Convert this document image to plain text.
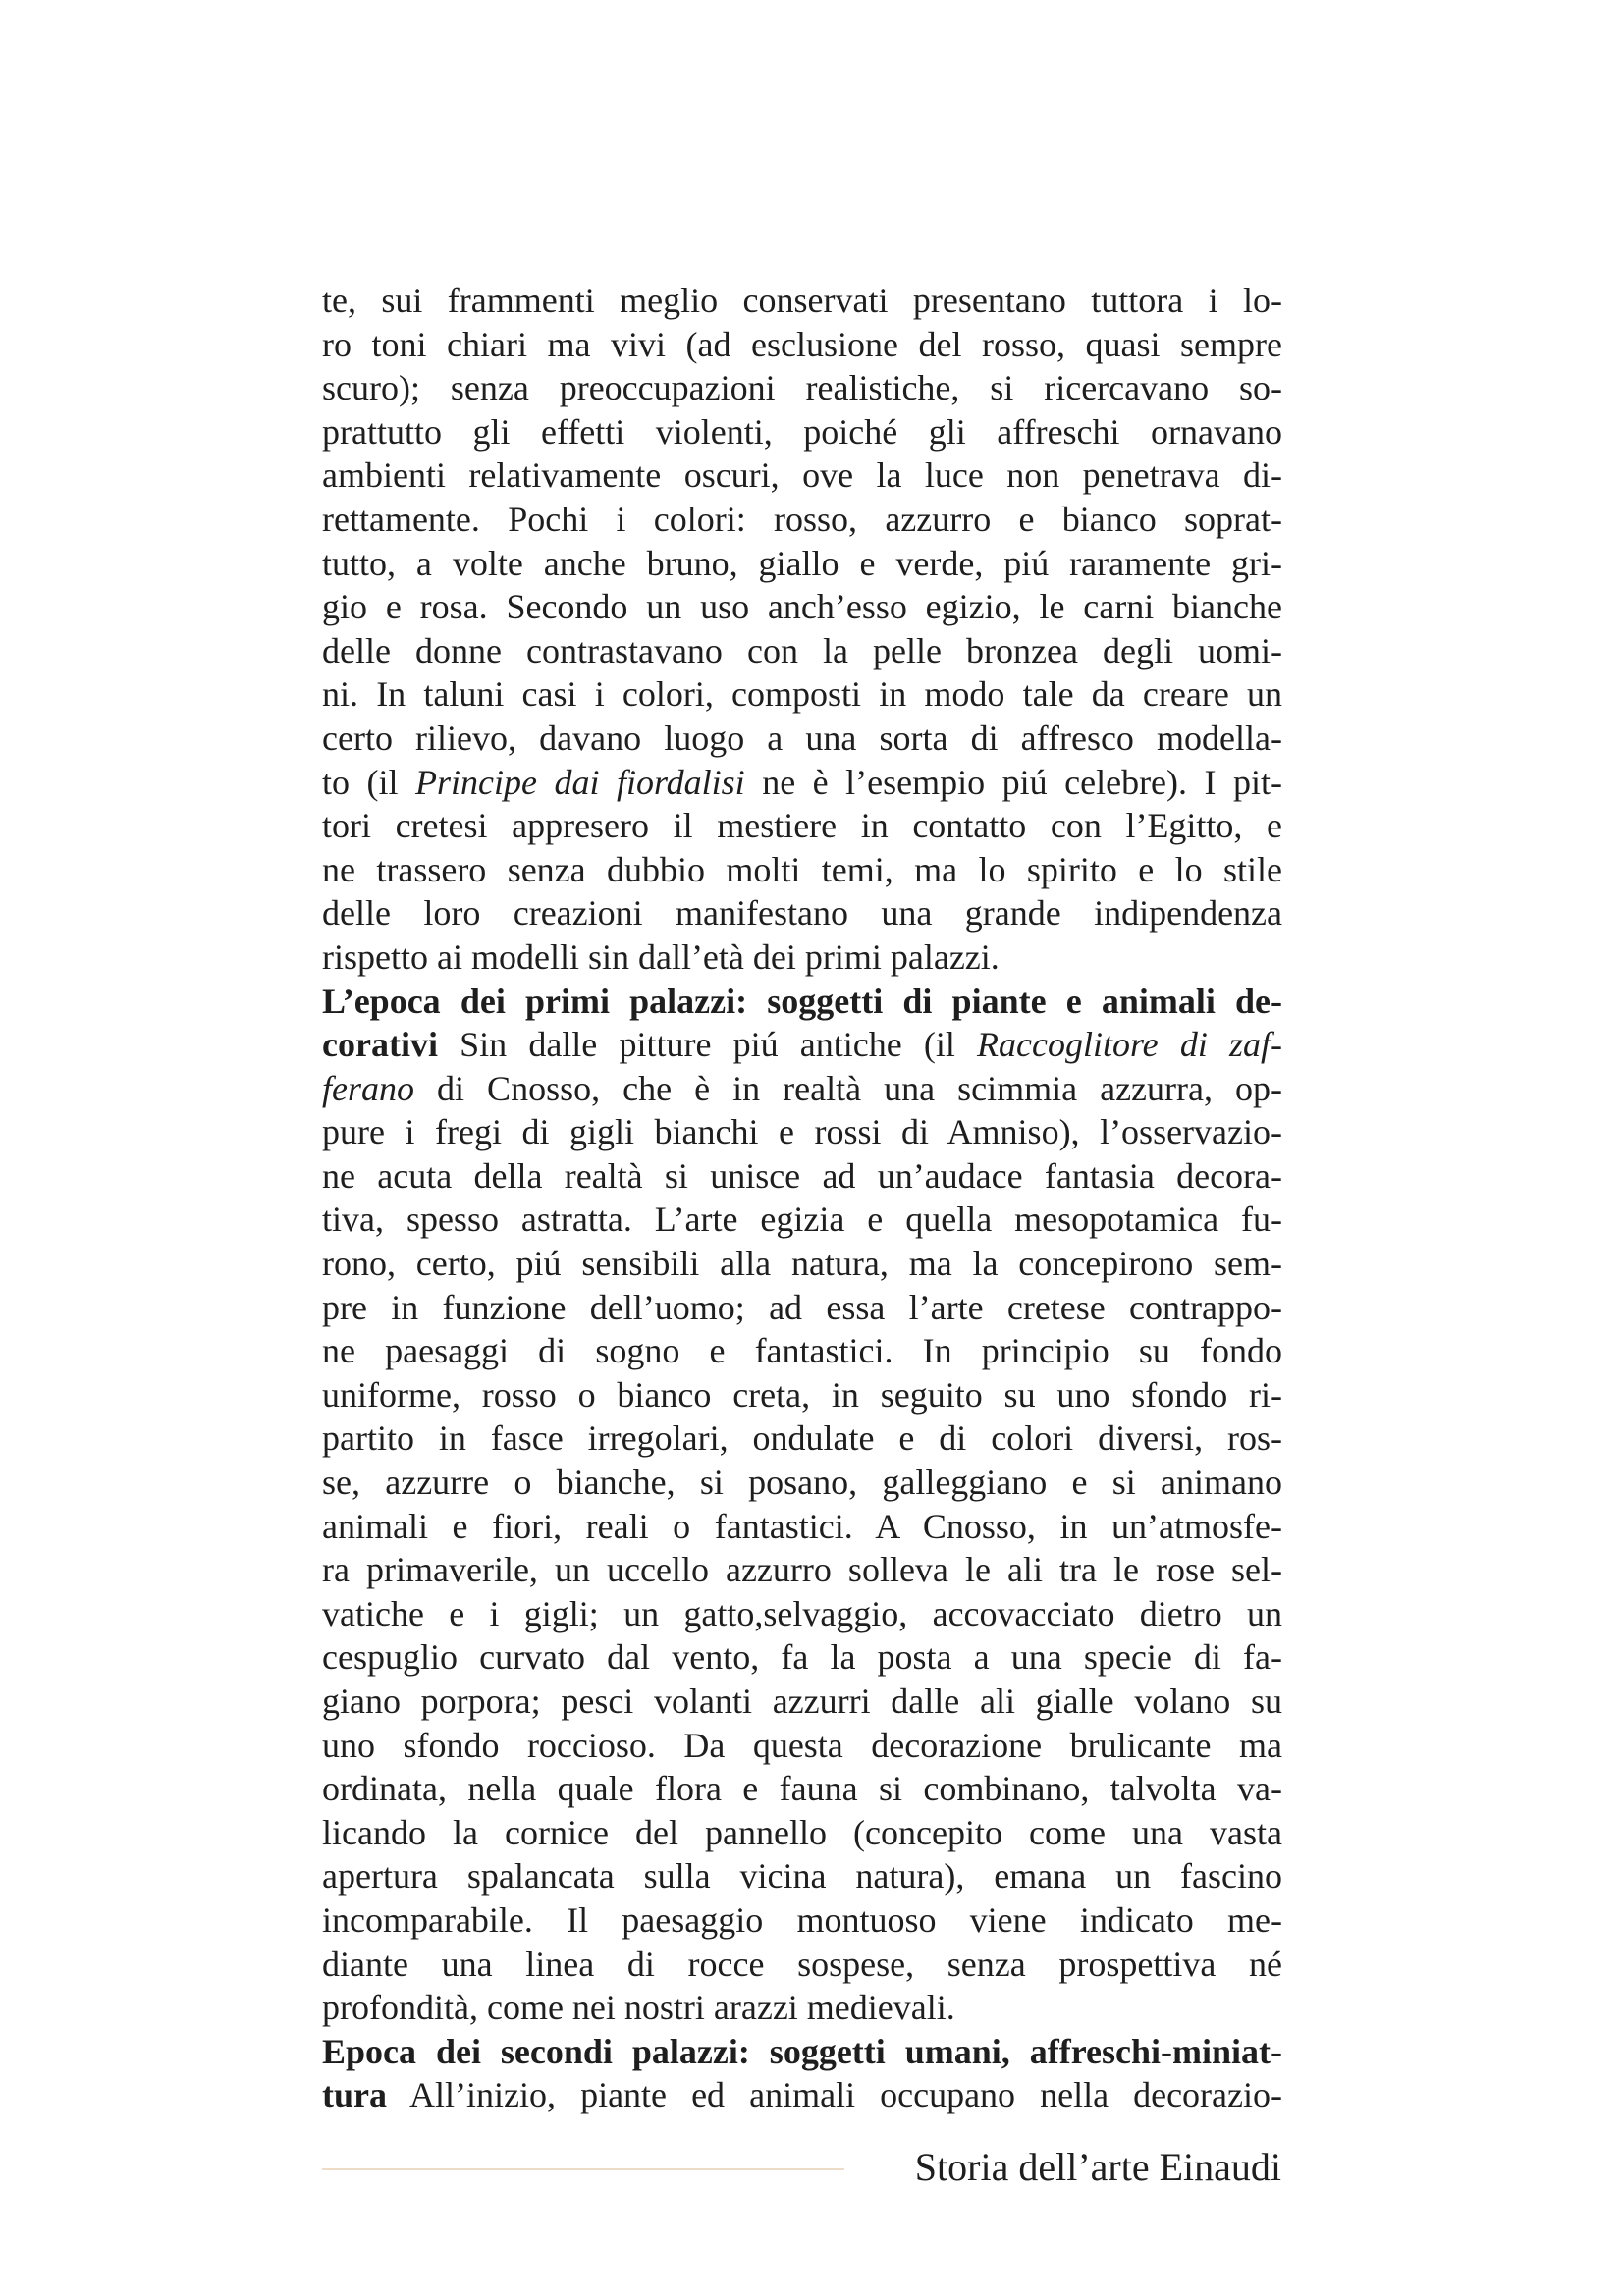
te, sui frammenti meglio conservati presentano tuttora i lo-
ro toni chiari ma vivi (ad esclusione del rosso, quasi sempre
scuro); senza preoccupazioni realistiche, si ricercavano so-
prattutto gli effetti violenti, poiché gli affreschi ornavano
ambienti relativamente oscuri, ove la luce non penetrava di-
rettamente. Pochi i colori: rosso, azzurro e bianco soprat-
tutto, a volte anche bruno, giallo e verde, piú raramente gri-
gio e rosa. Secondo un uso anch’esso egizio, le carni bianche
delle donne contrastavano con la pelle bronzea degli uomi-
ni. In taluni casi i colori, composti in modo tale da creare un
certo rilievo, davano luogo a una sorta di affresco modella-
to (il Principe dai fiordalisi ne è l’esempio piú celebre). I pit-
tori cretesi appresero il mestiere in contatto con l’Egitto, e
ne trassero senza dubbio molti temi, ma lo spirito e lo stile
delle loro creazioni manifestano una grande indipendenza
rispetto ai modelli sin dall’età dei primi palazzi.
L’epoca dei primi palazzi: soggetti di piante e animali de-
corativi Sin dalle pitture piú antiche (il Raccoglitore di zaf-
ferano di Cnosso, che è in realtà una scimmia azzurra, op-
pure i fregi di gigli bianchi e rossi di Amniso), l’osservazio-
ne acuta della realtà si unisce ad un’audace fantasia decora-
tiva, spesso astratta. L’arte egizia e quella mesopotamica fu-
rono, certo, piú sensibili alla natura, ma la concepirono sem-
pre in funzione dell’uomo; ad essa l’arte cretese contrappo-
ne paesaggi di sogno e fantastici. In principio su fondo
uniforme, rosso o bianco creta, in seguito su uno sfondo ri-
partito in fasce irregolari, ondulate e di colori diversi, ros-
se, azzurre o bianche, si posano, galleggiano e si animano
animali e fiori, reali o fantastici. A Cnosso, in un’atmosfe-
ra primaverile, un uccello azzurro solleva le ali tra le rose sel-
vatiche e i gigli; un gatto,selvaggio, accovacciato dietro un
cespuglio curvato dal vento, fa la posta a una specie di fa-
giano porpora; pesci volanti azzurri dalle ali gialle volano su
uno sfondo roccioso. Da questa decorazione brulicante ma
ordinata, nella quale flora e fauna si combinano, talvolta va-
licando la cornice del pannello (concepito come una vasta
apertura spalancata sulla vicina natura), emana un fascino
incomparabile. Il paesaggio montuoso viene indicato me-
diante una linea di rocce sospese, senza prospettiva né
profondità, come nei nostri arazzi medievali.
Epoca dei secondi palazzi: soggetti umani, affreschi-miniat-
tura All’inizio, piante ed animali occupano nella decorazio-
Storia dell’arte Einaudi
